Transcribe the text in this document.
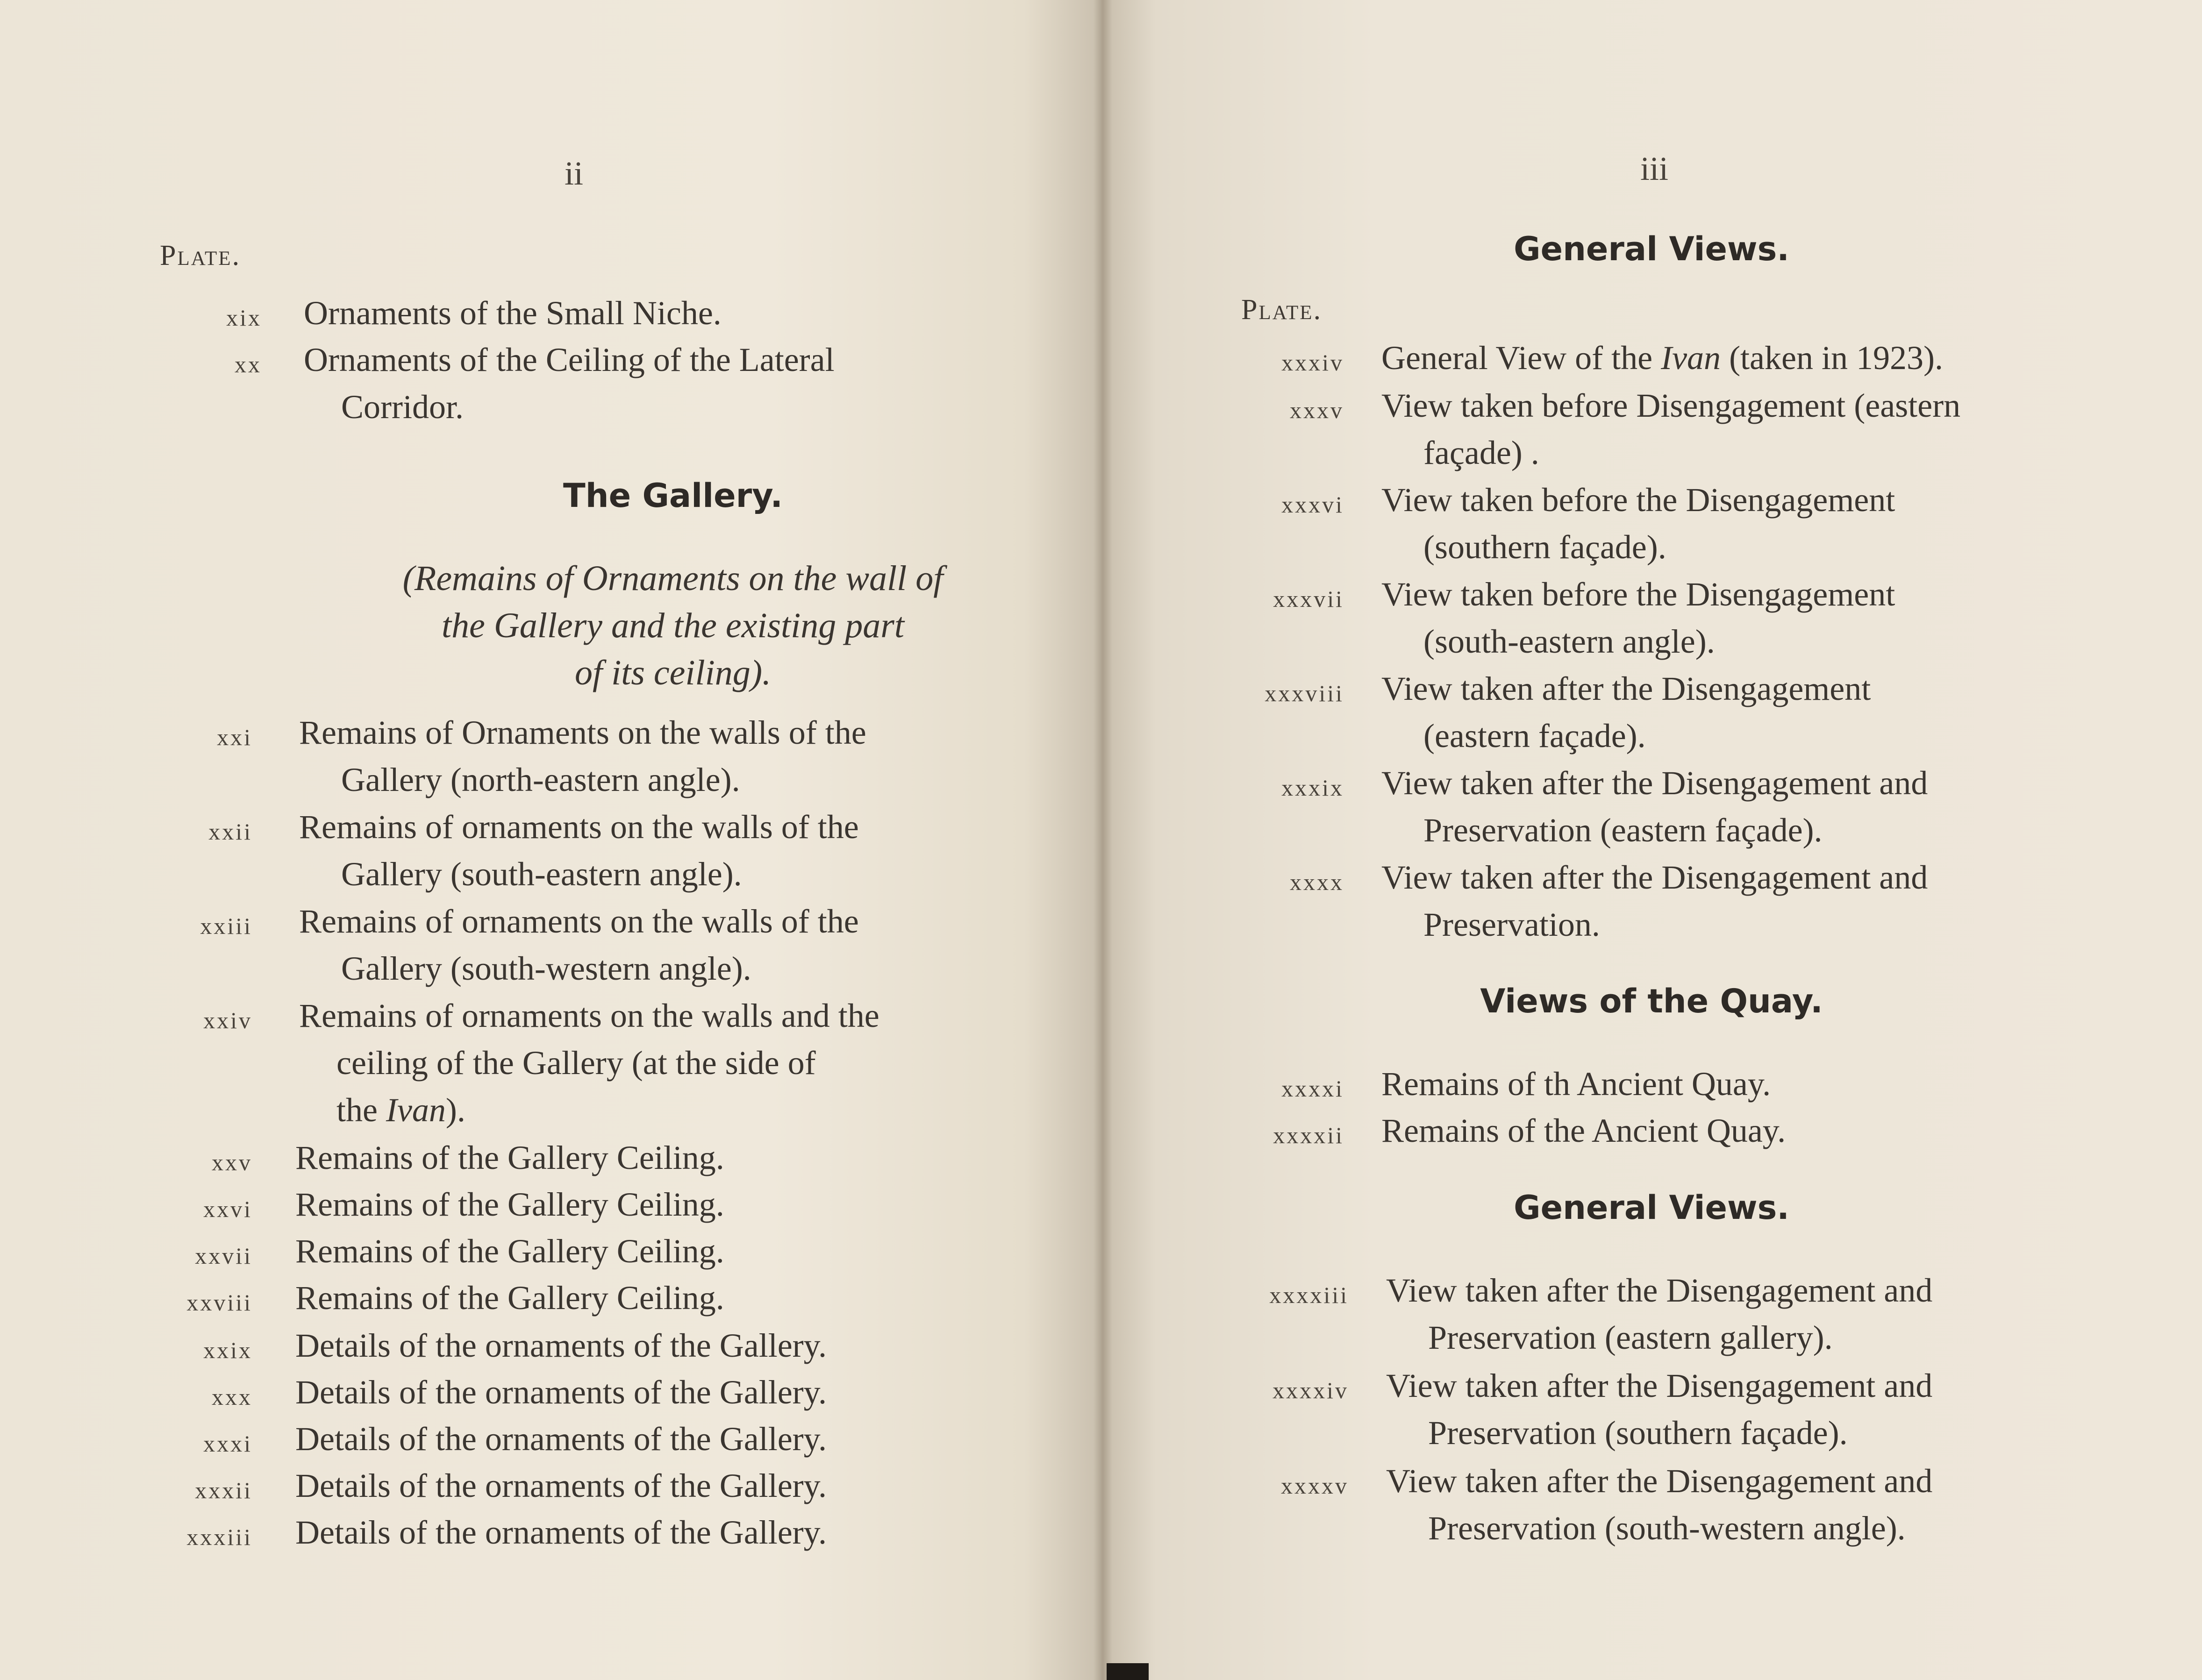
ii
Plate.
xix Ornaments of the Small Niche.
xx Ornaments of the Ceiling of the Lateral
Corridor.
The Gallery.
(Remains of Ornaments on the wall of
the Gallery and the existing part
of its ceiling).
xxi Remains of Ornaments on the walls of the
Gallery (north-eastern angle).
xxii Remains of ornaments on the walls of the
Gallery (south-eastern angle).
xxiii Remains of ornaments on the walls of the
Gallery (south-western angle).
xxiv Remains of ornaments on the walls and the
ceiling of the Gallery (at the side of
the Ivan).
xxv Remains of the Gallery Ceiling.
xxvi Remains of the Gallery Ceiling.
xxvii Remains of the Gallery Ceiling.
xxviii Remains of the Gallery Ceiling.
xxix Details of the ornaments of the Gallery.
xxx Details of the ornaments of the Gallery.
xxxi Details of the ornaments of the Gallery.
xxxii Details of the ornaments of the Gallery.
xxxiii Details of the ornaments of the Gallery.
iii
General Views.
Plate.
xxxiv General View of the Ivan (taken in 1923).
xxxv View taken before Disengagement (eastern
façade) .
xxxvi View taken before the Disengagement
(southern façade).
xxxvii View taken before the Disengagement
(south-eastern angle).
xxxviii View taken after the Disengagement
(eastern façade).
xxxix View taken after the Disengagement and
Preservation (eastern façade).
xxxx View taken after the Disengagement and
Preservation.
Views of the Quay.
xxxxi Remains of th Ancient Quay.
xxxxii Remains of the Ancient Quay.
General Views.
xxxxiii View taken after the Disengagement and
Preservation (eastern gallery).
xxxxiv View taken after the Disengagement and
Preservation (southern façade).
xxxxv View taken after the Disengagement and
Preservation (south-western angle).
